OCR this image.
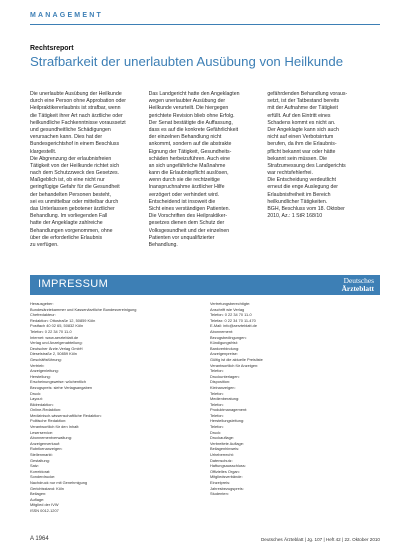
MANAGEMENT
Rechtsreport
Strafbarkeit der unerlaubten Ausübung von Heilkunde
Die unerlaubte Ausübung der Heilkunde
durch eine Person ohne Approbation oder
Heilpraktikererlaubnis ist strafbar, wenn
die Tätigkeit ihrer Art nach ärztliche oder
heilkundliche Fachkenntnisse voraussetzt
und gesundheitliche Schädigungen
verursachen kann. Dies hat der
Bundesgerichtshof in einem Beschluss
klargestellt.
Die Abgrenzung der erlaubnisfreien
Tätigkeit von der Heilkunde richtet sich
nach dem Schutzzweck des Gesetzes.
Maßgeblich ist, ob eine nicht nur
geringfügige Gefahr für die Gesundheit
der behandelten Personen besteht,
sei es unmittelbar oder mittelbar durch
das Unterlassen gebotener ärztlicher
Behandlung. Im vorliegenden Fall
hatte der Angeklagte zahlreiche
Behandlungen vorgenommen, ohne
über die erforderliche Erlaubnis
zu verfügen.
Das Landgericht hatte den Angeklagten
wegen unerlaubter Ausübung der
Heilkunde verurteilt. Die hiergegen
gerichtete Revision blieb ohne Erfolg.
Der Senat bestätigte die Auffassung,
dass es auf die konkrete Gefährlichkeit
der einzelnen Behandlung nicht
ankommt, sondern auf die abstrakte
Eignung der Tätigkeit, Gesundheits-
schäden herbeizuführen. Auch eine
an sich ungefährliche Maßnahme
kann die Erlaubnispflicht auslösen,
wenn durch sie die rechtzeitige
Inanspruchnahme ärztlicher Hilfe
verzögert oder verhindert wird.
Entscheidend ist insoweit die
Sicht eines verständigen Patienten.
Die Vorschriften des Heilpraktiker-
gesetzes dienen dem Schutz der
Volksgesundheit und der einzelnen
Patienten vor unqualifizierter
Behandlung.
gefährdenden Behandlung voraus-
setzt, ist der Tatbestand bereits
mit der Aufnahme der Tätigkeit
erfüllt. Auf den Eintritt eines
Schadens kommt es nicht an.
Der Angeklagte kann sich auch
nicht auf einen Verbotsirrtum
berufen, da ihm die Erlaubnis-
pflicht bekannt war oder hätte
bekannt sein müssen. Die
Strafzumessung des Landgerichts
war rechtsfehlerfrei.
Die Entscheidung verdeutlicht
erneut die enge Auslegung der
Erlaubnisfreiheit im Bereich
heilkundlicher Tätigkeiten.
BGH, Beschluss vom 18. Oktober
2010, Az.: 1 StR 168/10
IMPRESSUM	Deutsches
Ärzteblatt
Jg. 107 · Heft 42
Herausgeber:
Bundesärztekammer und Kassenärztliche Bundesvereinigung
Chefredakteur:
Redaktion: Ottostraße 12, 50859 Köln
Postfach 40 02 65, 50832 Köln
Telefon: 0 22 34 70 11-0
Internet: www.aerzteblatt.de
Verlag und Anzeigenabteilung:
Deutscher Ärzte-Verlag GmbH
Dieselstraße 2, 50859 Köln
Geschäftsführung:
Vertrieb:
Anzeigenleitung:
Herstellung:
Erscheinungsweise: wöchentlich
Bezugspreis: siehe Verlagsangaben
Druck:
Layout:
Bildredaktion:
Online-Redaktion:
Medizinisch-wissenschaftliche Redaktion:
Politische Redaktion:
Verantwortlich für den Inhalt:
Leserservice:
Abonnementverwaltung:
Anzeigenverkauf:
Rubrikenanzeigen:
Stellenmarkt:
Gestaltung:
Satz:
Korrektorat:
Sonderdrucke:
Nachdruck nur mit Genehmigung
Gerichtsstand: Köln
Beilagen:
Auflage:
Mitglied der IVW
ISSN 0012-1207
Vertretungsberechtigte:
Anschrift wie Verlag
Telefon: 0 22 34 70 11-0
Telefax: 0 22 34 70 11-470
E-Mail: info@aerzteblatt.de
Abonnement:
Bezugsbedingungen:
Kündigungsfrist:
Bankverbindung:
Anzeigenpreise:
Gültig ist die aktuelle Preisliste
Verantwortlich für Anzeigen:
Telefon:
Druckunterlagen:
Disposition:
Kleinanzeigen:
Telefon:
Medienberatung:
Telefon:
Produktmanagement:
Telefon:
Herstellungsleitung:
Telefon:
Druck:
Druckauflage:
Verbreitete Auflage:
Beilagenhinweis:
Urheberrecht:
Datenschutz:
Haftungsausschluss:
Offizielles Organ:
Mitgliedsverbände:
Einzelpreis:
Jahresbezugspreis:
Studenten:
A 1964	Deutsches Ärzteblatt | Jg. 107 | Heft 42 | 22. Oktober 2010
